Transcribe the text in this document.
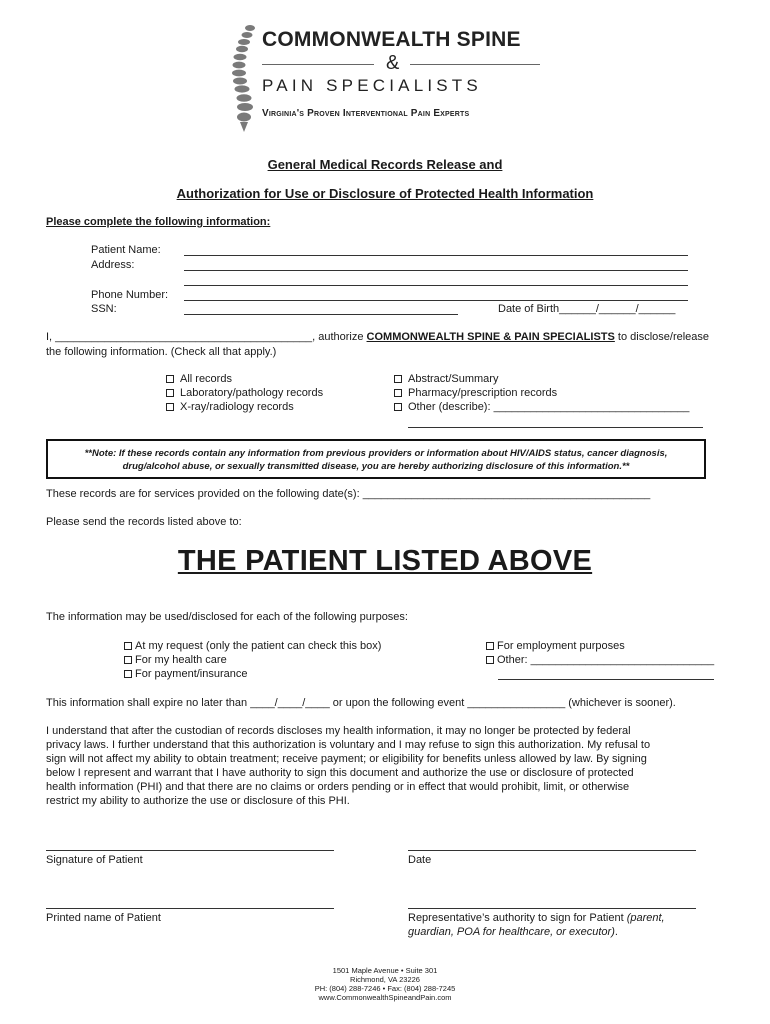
COMMONWEALTH SPINE
&
PAIN SPECIALISTS
Virginia's Proven Interventional Pain Experts
General Medical Records Release and
Authorization for Use or Disclosure of Protected Health Information
Please complete the following information:
Patient Name:
Address:
Phone Number:
SSN:	Date of Birth______/______/______
I, __________________________________________, authorize COMMONWEALTH SPINE & PAIN SPECIALISTS to disclose/release
the following information. (Check all that apply.)
All records
Laboratory/pathology records
X-ray/radiology records
Abstract/Summary
Pharmacy/prescription records
Other (describe): ________________________________
**Note: If these records contain any information from previous providers or information about HIV/AIDS status, cancer diagnosis,
drug/alcohol abuse, or sexually transmitted disease, you are hereby authorizing disclosure of this information.**
These records are for services provided on the following date(s): _______________________________________________
Please send the records listed above to:
THE PATIENT LISTED ABOVE
The information may be used/disclosed for each of the following purposes:
At my request (only the patient can check this box)
For my health care
For payment/insurance
For employment purposes
Other: ______________________________
This information shall expire no later than ____/____/____ or upon the following event ________________ (whichever is sooner).
I understand that after the custodian of records discloses my health information, it may no longer be protected by federal
privacy laws. I further understand that this authorization is voluntary and I may refuse to sign this authorization. My refusal to
sign will not affect my ability to obtain treatment; receive payment; or eligibility for benefits unless allowed by law. By signing
below I represent and warrant that I have authority to sign this document and authorize the use or disclosure of protected
health information (PHI) and that there are no claims or orders pending or in effect that would prohibit, limit, or otherwise
restrict my ability to authorize the use or disclosure of this PHI.
Signature of Patient	Date
Printed name of Patient	Representative’s authority to sign for Patient (parent,
guardian, POA for healthcare, or executor).
1501 Maple Avenue • Suite 301
Richmond, VA 23226
PH: (804) 288-7246 • Fax: (804) 288-7245
www.CommonwealthSpineandPain.com
